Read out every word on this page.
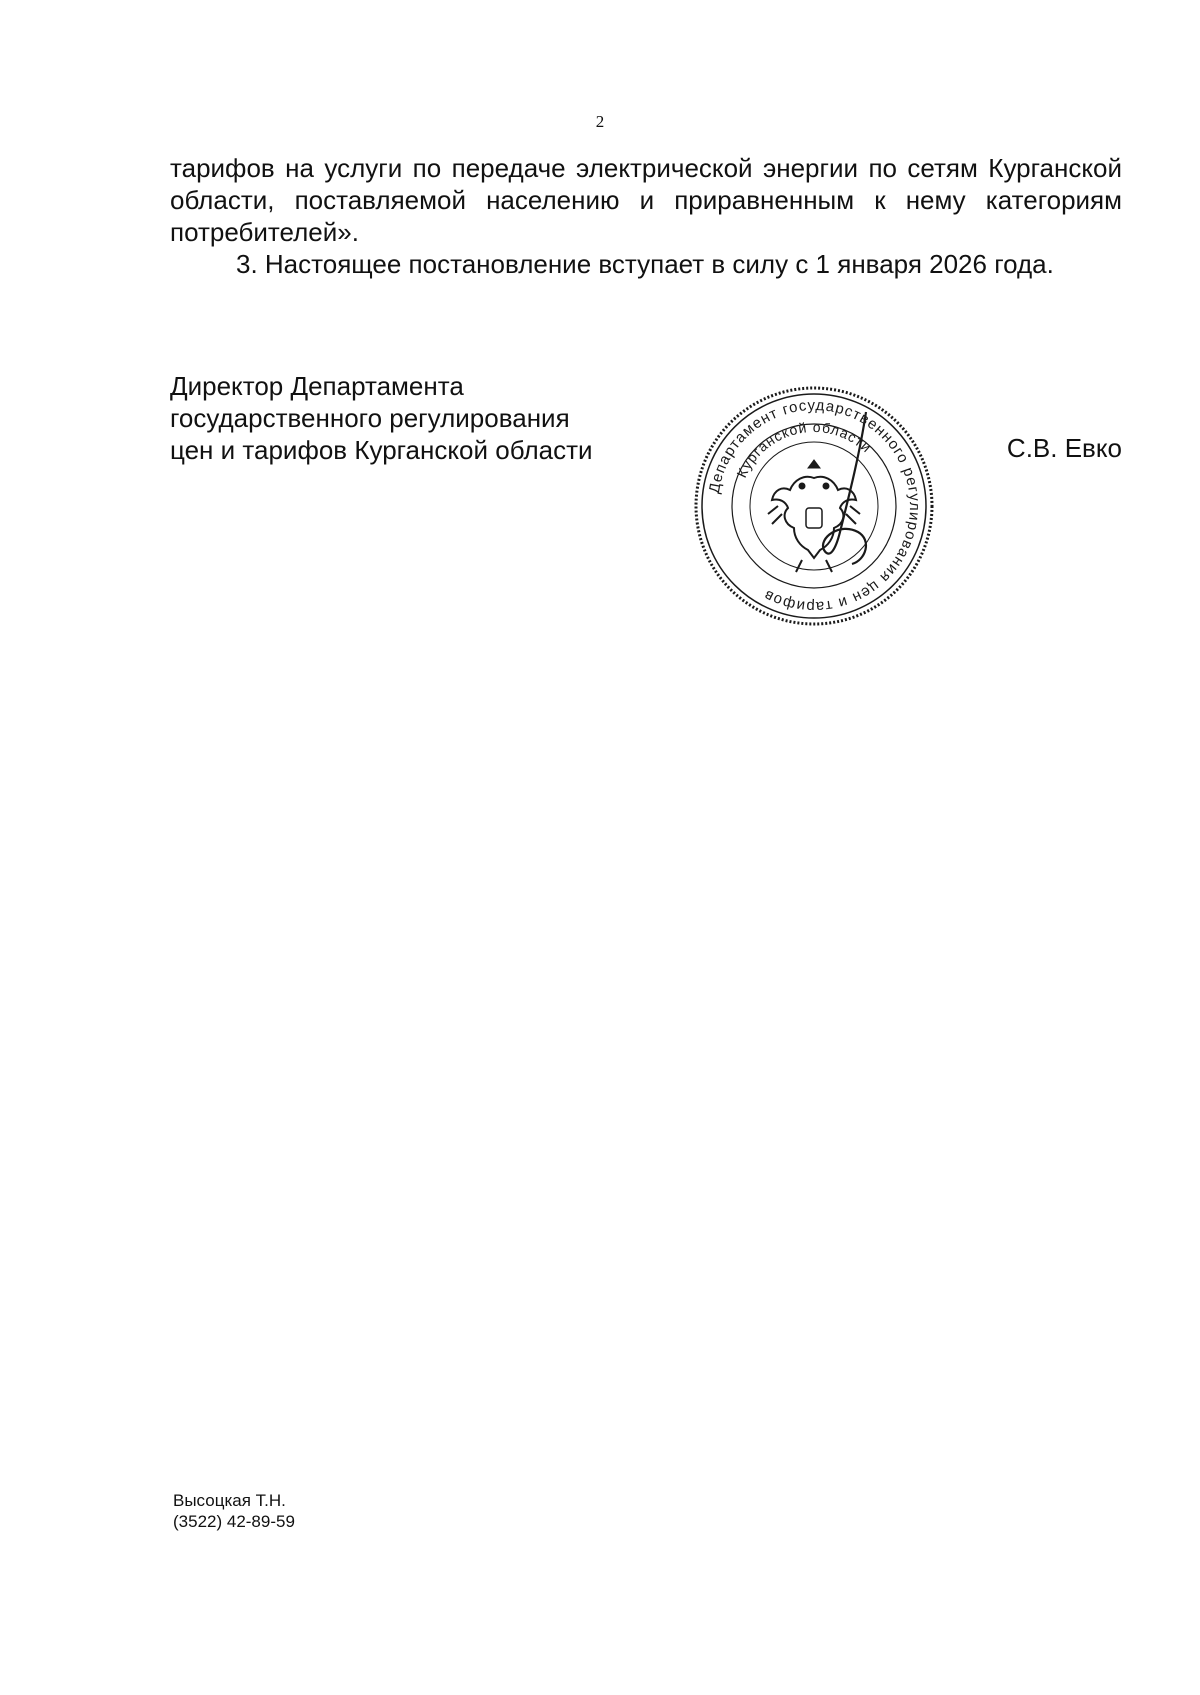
2

тарифов на услуги по передаче электрической энергии по сетям Курганской области, поставляемой населению и приравненным к нему категориям потребителей».

3. Настоящее постановление вступает в силу с 1 января 2026 года.

Директор Департамента
государственного регулирования
цен и тарифов Курганской области
Департамент государственного регулирования цен и тарифов
Курганской области	С.В. Евко
Высоцкая Т.Н.
(3522) 42-89-59
